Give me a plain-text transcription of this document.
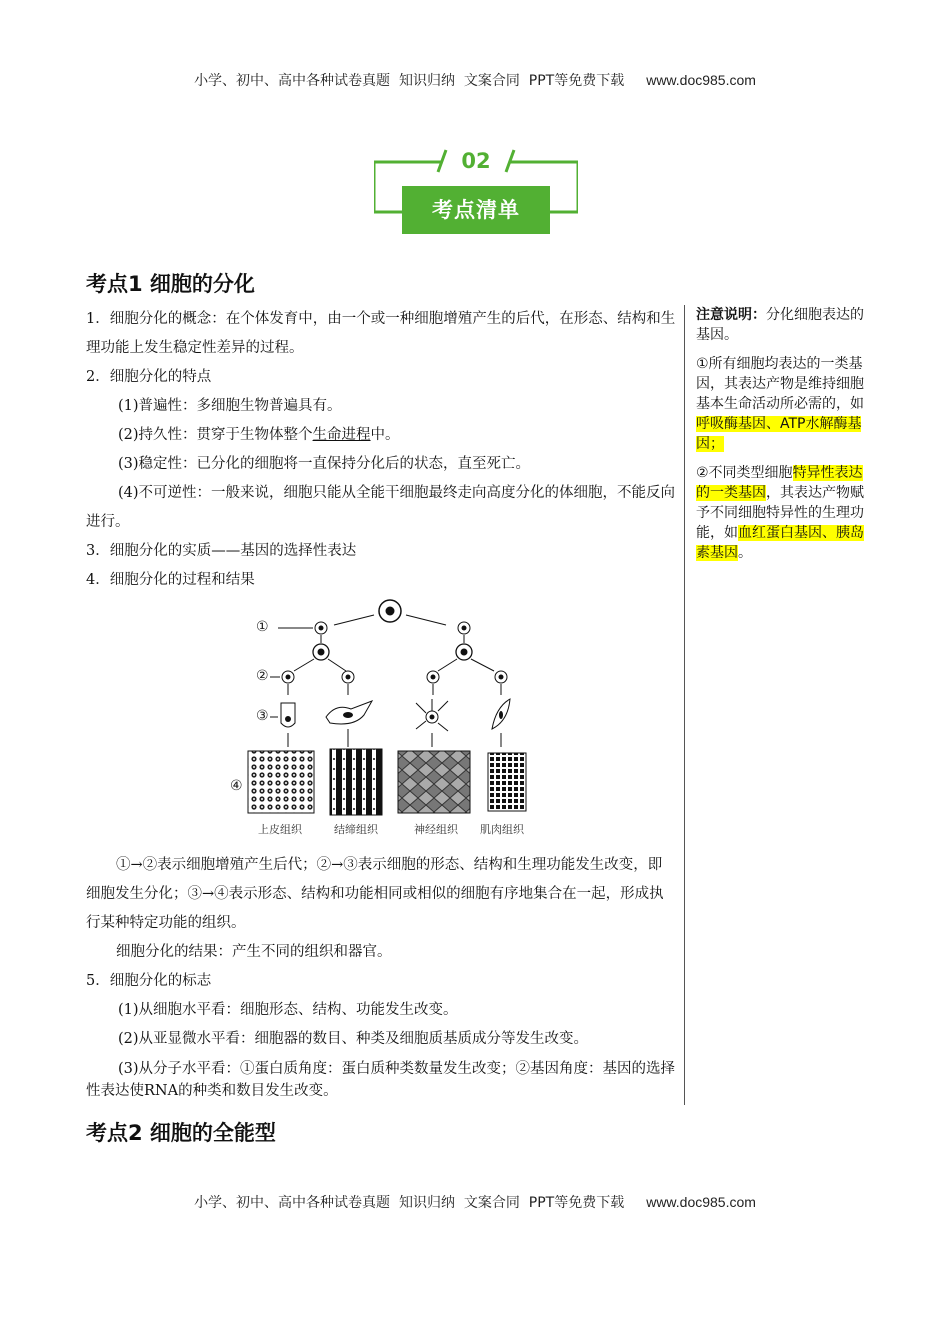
小学、初中、高中各种试卷真题  知识归纳  文案合同  PPT等免费下载 www.doc985.com
02
考点清单
考点1 细胞的分化

1．细胞分化的概念：在个体发育中，由一个或一种细胞增殖产生的后代，在形态、结构和生理功能上发生稳定性差异的过程。

2．细胞分化的特点

(1)普遍性：多细胞生物普遍具有。

(2)持久性：贯穿于生物体整个生命进程中。

(3)稳定性：已分化的细胞将一直保持分化后的状态，直至死亡。

(4)不可逆性：一般来说，细胞只能从全能干细胞最终走向高度分化的体细胞，不能反向进行。

3．细胞分化的实质——基因的选择性表达

4．细胞分化的过程和结果

①→②表示细胞增殖产生后代；②→③表示细胞的形态、结构和生理功能发生改变，即细胞发生分化；③→④表示形态、结构和功能相同或相似的细胞有序地集合在一起，形成执行某种特定功能的组织。

细胞分化的结果：产生不同的组织和器官。

5．细胞分化的标志

(1)从细胞水平看：细胞形态、结构、功能发生改变。

(2)从亚显微水平看：细胞器的数目、种类及细胞质基质成分等发生改变。

(3)从分子水平看：①蛋白质角度：蛋白质种类数量发生改变；②基因角度：基因的选择性表达使RNA的种类和数目发生改变。

①
②
③
④
上皮组织	结缔组织	神经组织 肌肉组织

注意说明：分化细胞表达的基因。

①所有细胞均表达的一类基因，其表达产物是维持细胞基本生命活动所必需的，如呼吸酶基因、ATP水解酶基因；

②不同类型细胞特异性表达的一类基因，其表达产物赋予不同细胞特异性的生理功能，如血红蛋白基因、胰岛素基因。

考点2 细胞的全能型
小学、初中、高中各种试卷真题  知识归纳  文案合同  PPT等免费下载 www.doc985.com
